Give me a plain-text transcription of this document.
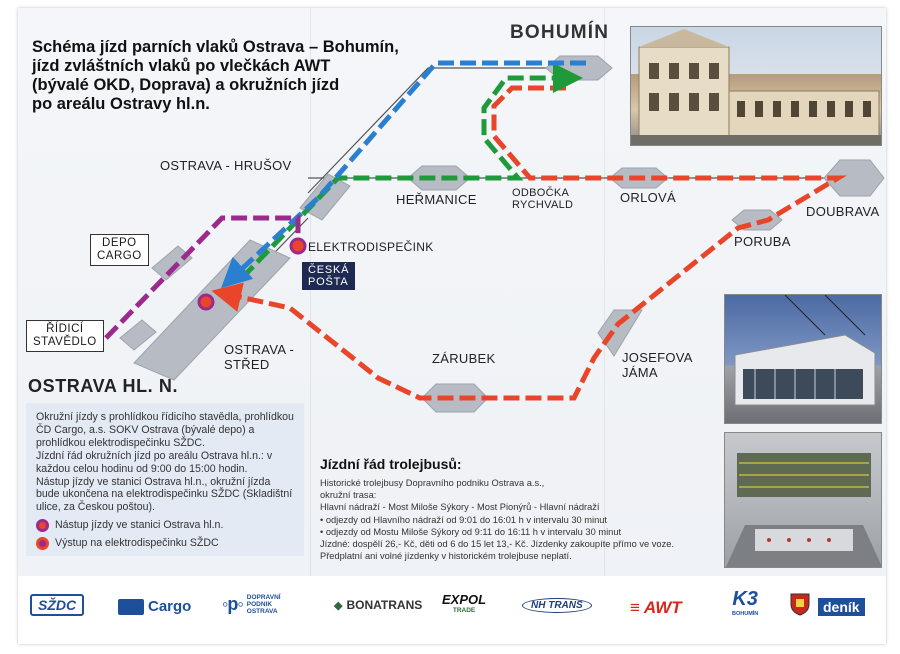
Schéma jízd parních vlaků Ostrava – Bohumín,
jízd zvláštních vlaků po vlečkách AWT
(bývalé OKD, Doprava) a okružních jízd
po areálu Ostravy hl.n.
BOHUMÍN
OSTRAVA - HRUŠOV
HEŘMANICE	ODBOČKA
RYCHVALD	ORLOVÁ
DOUBRAVA
PORUBA
ELEKTRODISPEČINK
ČESKÁ
POŠTA
DEPO
CARGO
ŘÍDICÍ
STAVĚDLO	OSTRAVA -
STŘED	ZÁRUBEK	JOSEFOVA
JÁMA
OSTRAVA HL. N.

Okružní jízdy s prohlídkou řídicího stavědla, prohlídkou ČD Cargo, a.s. SOKV Ostrava (bývalé depo) a prohlídkou elektrodispečinku SŽDC.

Jízdní řád okružních jízd po areálu Ostrava hl.n.: v každou celou hodinu od 9:00 do 15:00 hodin.

Nástup jízdy ve stanici Ostrava hl.n., okružní jízda bude ukončena na elektrodispečinku SŽDC (Skladištní ulice, za Českou poštou).

Nástup jízdy ve stanici Ostrava hl.n.
Výstup na elektrodispečinku SŽDC
Jízdní řád trolejbusů:
Historické trolejbusy Dopravního podniku Ostrava a.s.,
okružní trasa:
Hlavní nádraží - Most Miloše Sýkory - Most Pionýrů - Hlavní nádraží
• odjezdy od Hlavního nádraží od 9:01 do 16:01 h v intervalu 30 minut
• odjezdy od Mostu Miloše Sýkory od 9:11 do 16:11 h v intervalu 30 minut
Jízdné: dospělí 26,- Kč, děti od 6 do 15 let 13,- Kč. Jízdenky zakoupíte přímo ve voze.
Předplatní ani volné jízdenky v historickém trolejbuse neplatí.
SŽDC	Cargo ◦p◦ DOPRAVNÍ
PODNIK
OSTRAVA	◆ BONATRANS EXPOL
TRADE	NH TRANS	≡ AWT	K3
BOHUMÍN	deník
